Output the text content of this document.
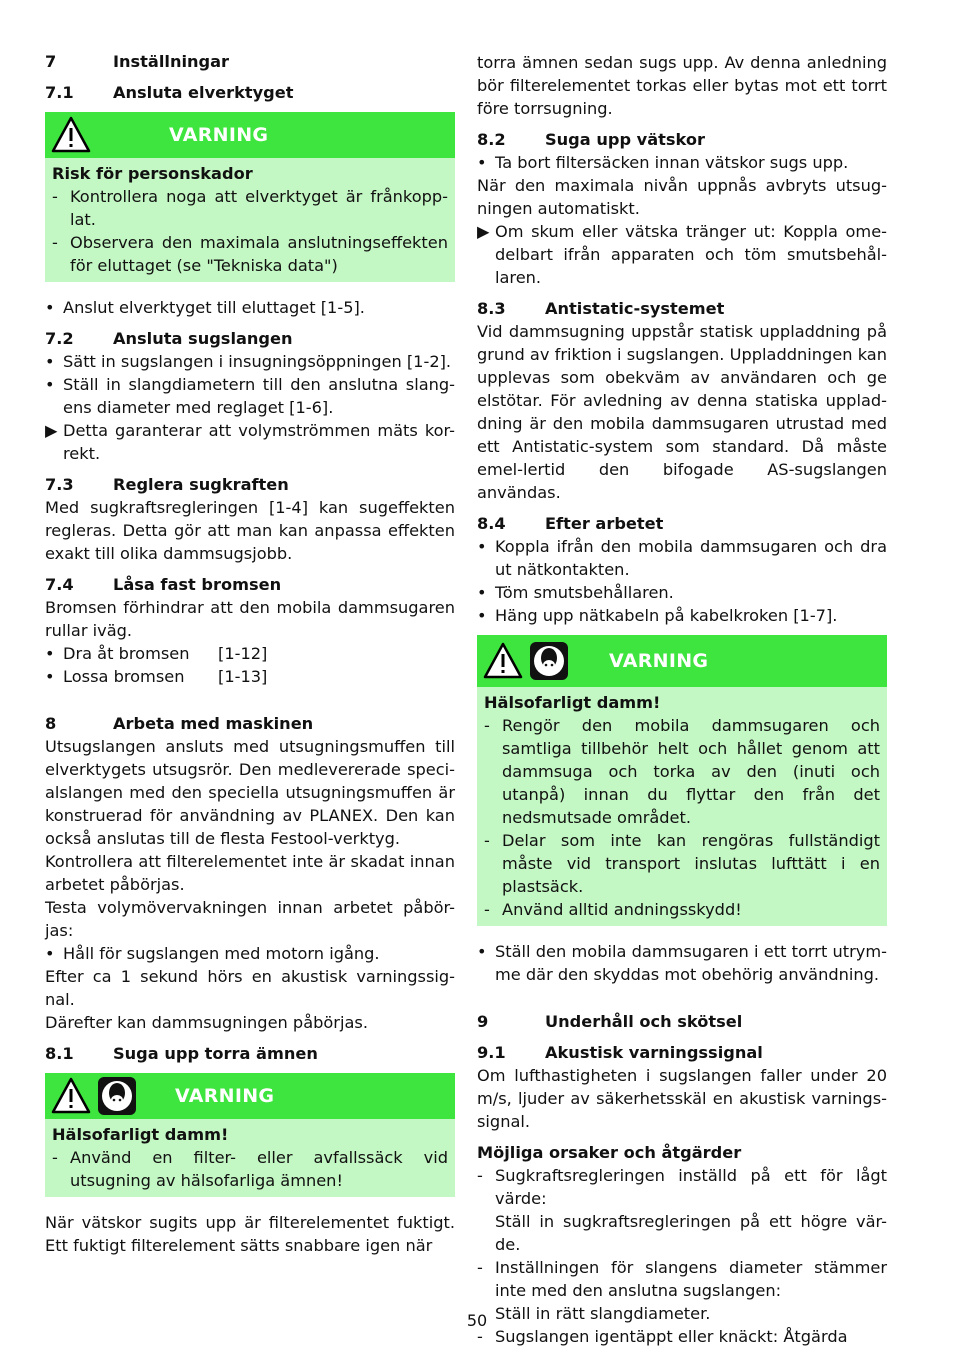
7	Inställningar
7.1	Ansluta elverktyget
VARNING
Risk för personskador
- Kontrollera noga att elverktyget är frånkopp-lat.
- Observera den maximala anslutningseffekten för eluttaget (se "Tekniska data")
• Anslut elverktyget till eluttaget [1-5].
7.2	Ansluta sugslangen
• Sätt in sugslangen i insugningsöppningen [1-2].
• Ställ in slangdiametern till den anslutna slang-ens diameter med reglaget [1-6].
▶ Detta garanterar att volymströmmen mäts kor-rekt.
7.3	Reglera sugkraften
Med sugkraftsregleringen [1-4] kan sugeffekten regleras. Detta gör att man kan anpassa effekten exakt till olika dammsugsjobb.
7.4	Låsa fast bromsen
Bromsen förhindrar att den mobila dammsugaren rullar iväg.
• Dra åt bromsen	[1-12]
• Lossa bromsen	[1-13]
8	Arbeta med maskinen
Utsugslangen ansluts med utsugningsmuffen till elverktygets utsugsrör. Den medlevererade speci-alslangen med den speciella utsugningsmuffen är konstruerad för användning av PLANEX. Den kan också anslutas till de flesta Festool-verktyg.
Kontrollera att filterelementet inte är skadat innan arbetet påbörjas.
Testa volymövervakningen innan arbetet påbör-jas:
• Håll för sugslangen med motorn igång.
Efter ca 1 sekund hörs en akustisk varningssig-nal.
Därefter kan dammsugningen påbörjas.
8.1	Suga upp torra ämnen
VARNING
Hälsofarligt damm!
- Använd en filter- eller avfallssäck vid utsugning av hälsofarliga ämnen!
När vätskor sugits upp är filterelementet fuktigt. Ett fuktigt filterelement sätts snabbare igen när
torra ämnen sedan sugs upp. Av denna anledning bör filterelementet torkas eller bytas mot ett torrt före torrsugning.
8.2	Suga upp vätskor
• Ta bort filtersäcken innan vätskor sugs upp.
När den maximala nivån uppnås avbryts utsug-ningen automatiskt.
▶ Om skum eller vätska tränger ut: Koppla ome-delbart ifrån apparaten och töm smutsbehål-laren.
8.3	Antistatic-systemet
Vid dammsugning uppstår statisk uppladdning på grund av friktion i sugslangen. Uppladdningen kan upplevas som obekväm av användaren och ge elstötar. För avledning av denna statiska upplad-dning är den mobila dammsugaren utrustad med ett Antistatic-system som standard. Då måste emel-lertid den bifogade AS-sugslangen användas.
8.4	Efter arbetet
• Koppla ifrån den mobila dammsugaren och dra ut nätkontakten.
• Töm smutsbehållaren.
• Häng upp nätkabeln på kabelkroken [1-7].
VARNING
Hälsofarligt damm!
- Rengör den mobila dammsugaren och samtliga tillbehör helt och hållet genom att dammsuga och torka av den (inuti och utanpå) innan du flyttar den från det nedsmutsade området.
- Delar som inte kan rengöras fullständigt måste vid transport inslutas lufttätt i en plastsäck.
- Använd alltid andningsskydd!
• Ställ den mobila dammsugaren i ett torrt utrym-me där den skyddas mot obehörig användning.
9	Underhåll och skötsel
9.1	Akustisk varningssignal
Om lufthastigheten i sugslangen faller under 20 m/s, ljuder av säkerhetsskäl en akustisk varnings-signal.
Möjliga orsaker och åtgärder
- Sugkraftsregleringen inställd på ett för lågt värde:
Ställ in sugkraftsregleringen på ett högre vär-de.
- Inställningen för slangens diameter stämmer inte med den anslutna sugslangen:
Ställ in rätt slangdiameter.
- Sugslangen igentäppt eller knäckt: Åtgärda
50
